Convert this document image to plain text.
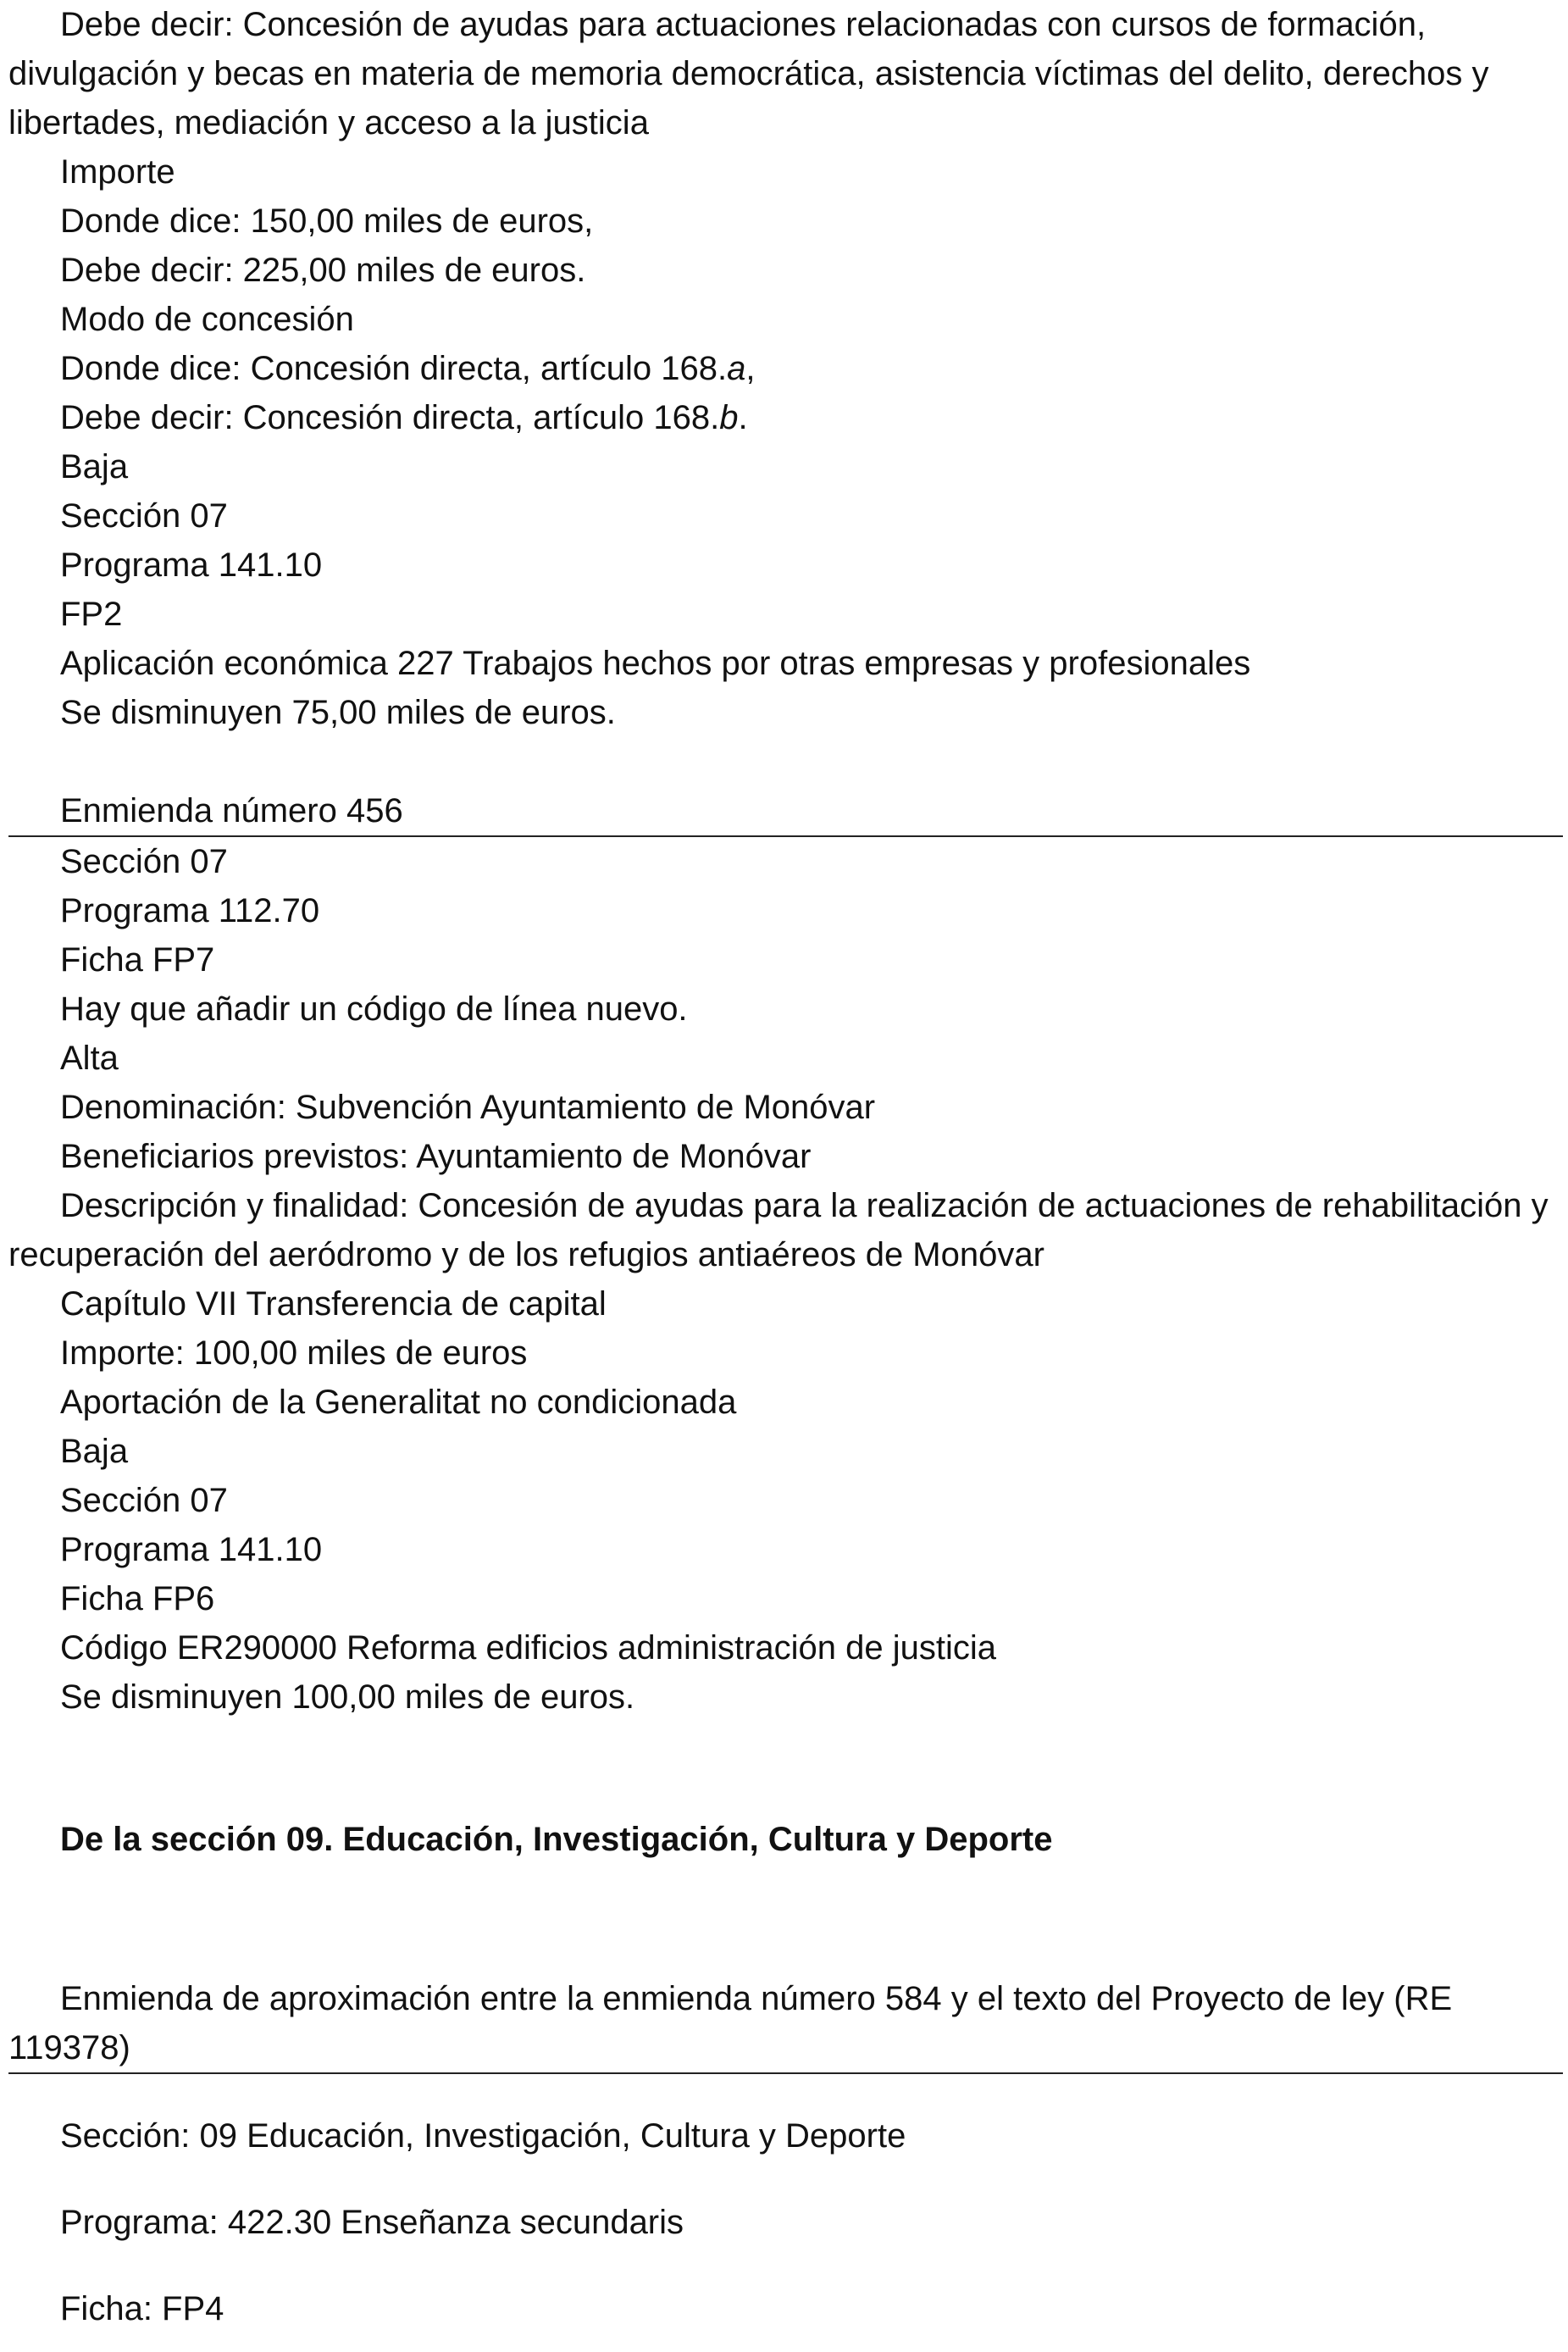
Debe decir: Concesión de ayudas para actuaciones relacionadas con cursos de formación, divulgación y becas en materia de memoria democrática, asistencia víctimas del delito, derechos y libertades, mediación y acceso a la justicia

Importe

Donde dice: 150,00 miles de euros,

Debe decir: 225,00 miles de euros.

Modo de concesión

Donde dice: Concesión directa, artículo 168.a,

Debe decir: Concesión directa, artículo 168.b.

Baja

Sección 07

Programa 141.10

FP2

Aplicación económica 227 Trabajos hechos por otras empresas y profesionales

Se disminuyen 75,00 miles de euros.

Enmienda número 456

Sección 07

Programa 112.70

Ficha FP7

Hay que añadir un código de línea nuevo.

Alta

Denominación: Subvención Ayuntamiento de Monóvar

Beneficiarios previstos: Ayuntamiento de Monóvar

Descripción y finalidad: Concesión de ayudas para la realización de actuaciones de rehabilitación y recuperación del aeródromo y de los refugios antiaéreos de Monóvar

Capítulo VII Transferencia de capital

Importe: 100,00 miles de euros

Aportación de la Generalitat no condicionada

Baja

Sección 07

Programa 141.10

Ficha FP6

Código ER290000 Reforma edificios administración de justicia

Se disminuyen 100,00 miles de euros.

De la sección 09. Educación, Investigación, Cultura y Deporte

Enmienda de aproximación entre la enmienda número 584 y el texto del Proyecto de ley (RE 119378)

Sección: 09 Educación, Investigación, Cultura y Deporte

Programa: 422.30 Enseñanza secundaris

Ficha: FP4
